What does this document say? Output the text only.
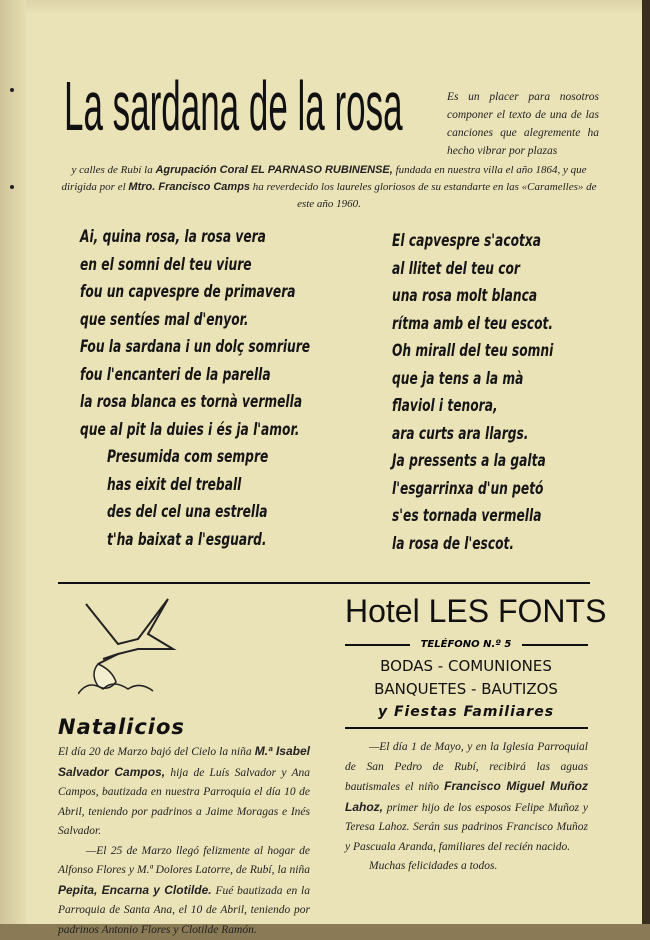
La sardana de la rosa	Es un placer para nosotros componer el texto de una de las canciones que alegremente ha hecho vibrar por plazas
y calles de Rubí la Agrupación Coral EL PARNASO RUBINENSE, fundada en nuestra villa el año 1864, y que dirigida por el Mtro. Francisco Camps ha reverdecido los laureles gloriosos de su estandarte en las «Caramelles» de este año 1960.
Ai, quina rosa, la rosa vera
en el somni del teu viure
fou un capvespre de primavera
que sentíes mal d'enyor.
Fou la sardana i un dolç somriure
fou l'encanteri de la parella
la rosa blanca es tornà vermella
que al pit la duies i és ja l'amor.
Presumida com sempre
has eixit del treball
des del cel una estrella
t'ha baixat a l'esguard.
El capvespre s'acotxa
al llitet del teu cor
una rosa molt blanca
rítma amb el teu escot.
Oh mirall del teu somni
que ja tens a la mà
flaviol i tenora,
ara curts ara llargs.
Ja pressents a la galta
l'esgarrinxa d'un petó
s'es tornada vermella
la rosa de l'escot.
Natalicios

El día 20 de Marzo bajó del Cielo la niña M.ª Isabel Salvador Campos, hija de Luís Salvador y Ana Campos, bautizada en nuestra Parroquia el día 10 de Abril, teniendo por padrinos a Jaime Moragas e Inés Salvador.

—El 25 de Marzo llegó felizmente al hogar de Alfonso Flores y M.ª Dolores Latorre, de Rubí, la niña Pepita, Encarna y Clotilde. Fué bautizada en la Parroquia de Santa Ana, el 10 de Abril, teniendo por padrinos Antonio Flores y Clotilde Ramón.

Hotel LES FONTS
TELÉFONO N.º 5
BODAS - COMUNIONES
BANQUETES - BAUTIZOS
y Fiestas Familiares
—El día 1 de Mayo, y en la Iglesia Parroquial de San Pedro de Rubí, recibirá las aguas bautismales el niño Francisco Miguel Muñoz Lahoz, primer hijo de los esposos Felipe Muñoz y Teresa Lahoz. Serán sus padrinos Francisco Muñoz y Pascuala Aranda, familiares del recién nacido.
Muchas felicidades a todos.
